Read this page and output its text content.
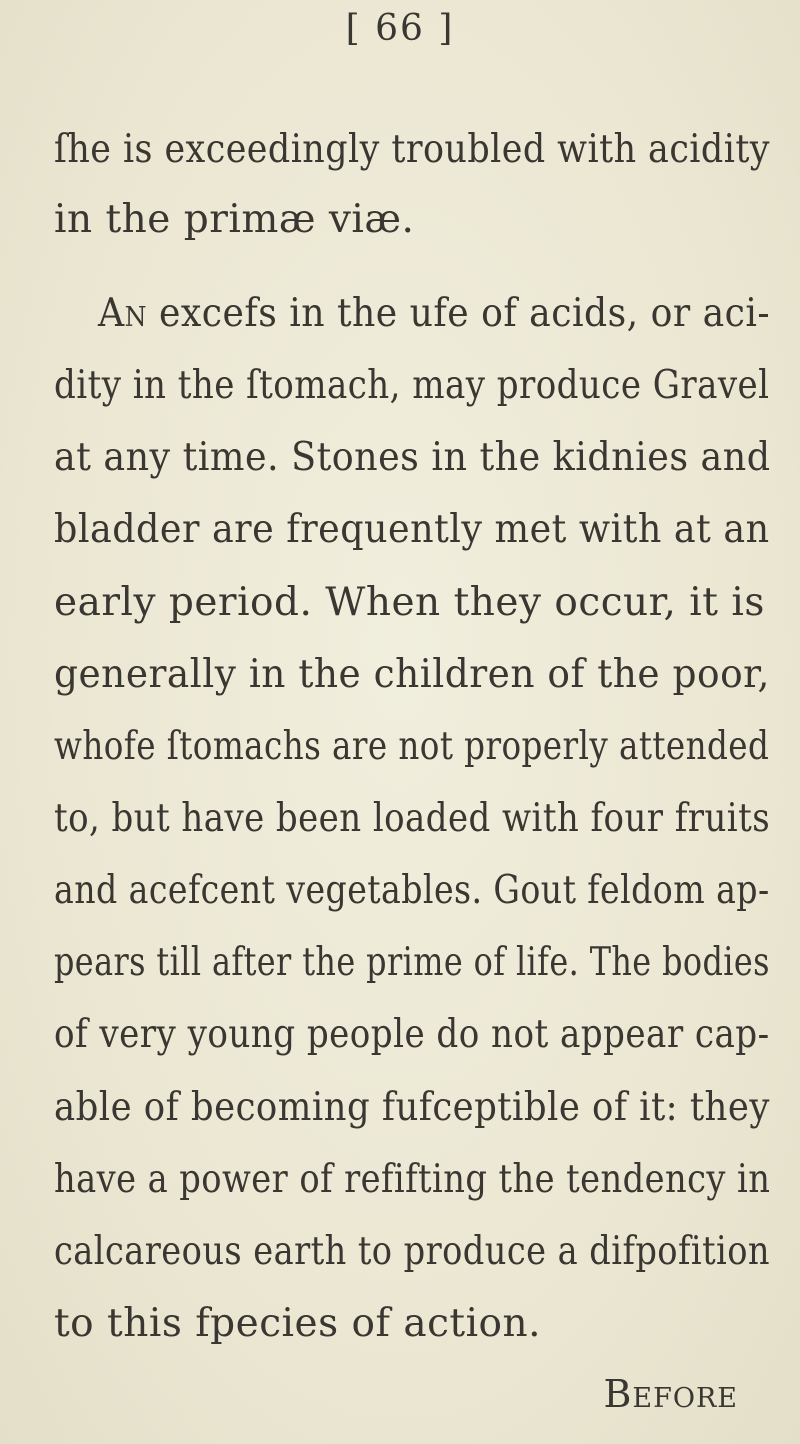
[ 66 ]
ſhe is exceedingly troubled with acidity
in the primæ viæ.
An excefs in the ufe of acids, or aci-
dity in the ſtomach, may produce Gravel
at any time. Stones in the kidnies and
bladder are frequently met with at an
early period. When they occur, it is
generally in the children of the poor,
whofe ſtomachs are not properly attended
to, but have been loaded with four fruits
and acefcent vegetables. Gout feldom ap-
pears till after the prime of life. The bodies
of very young people do not appear cap-
able of becoming fufceptible of it: they
have a power of refifting the tendency in
calcareous earth to produce a difpofition
to this fpecies of action.
Before
